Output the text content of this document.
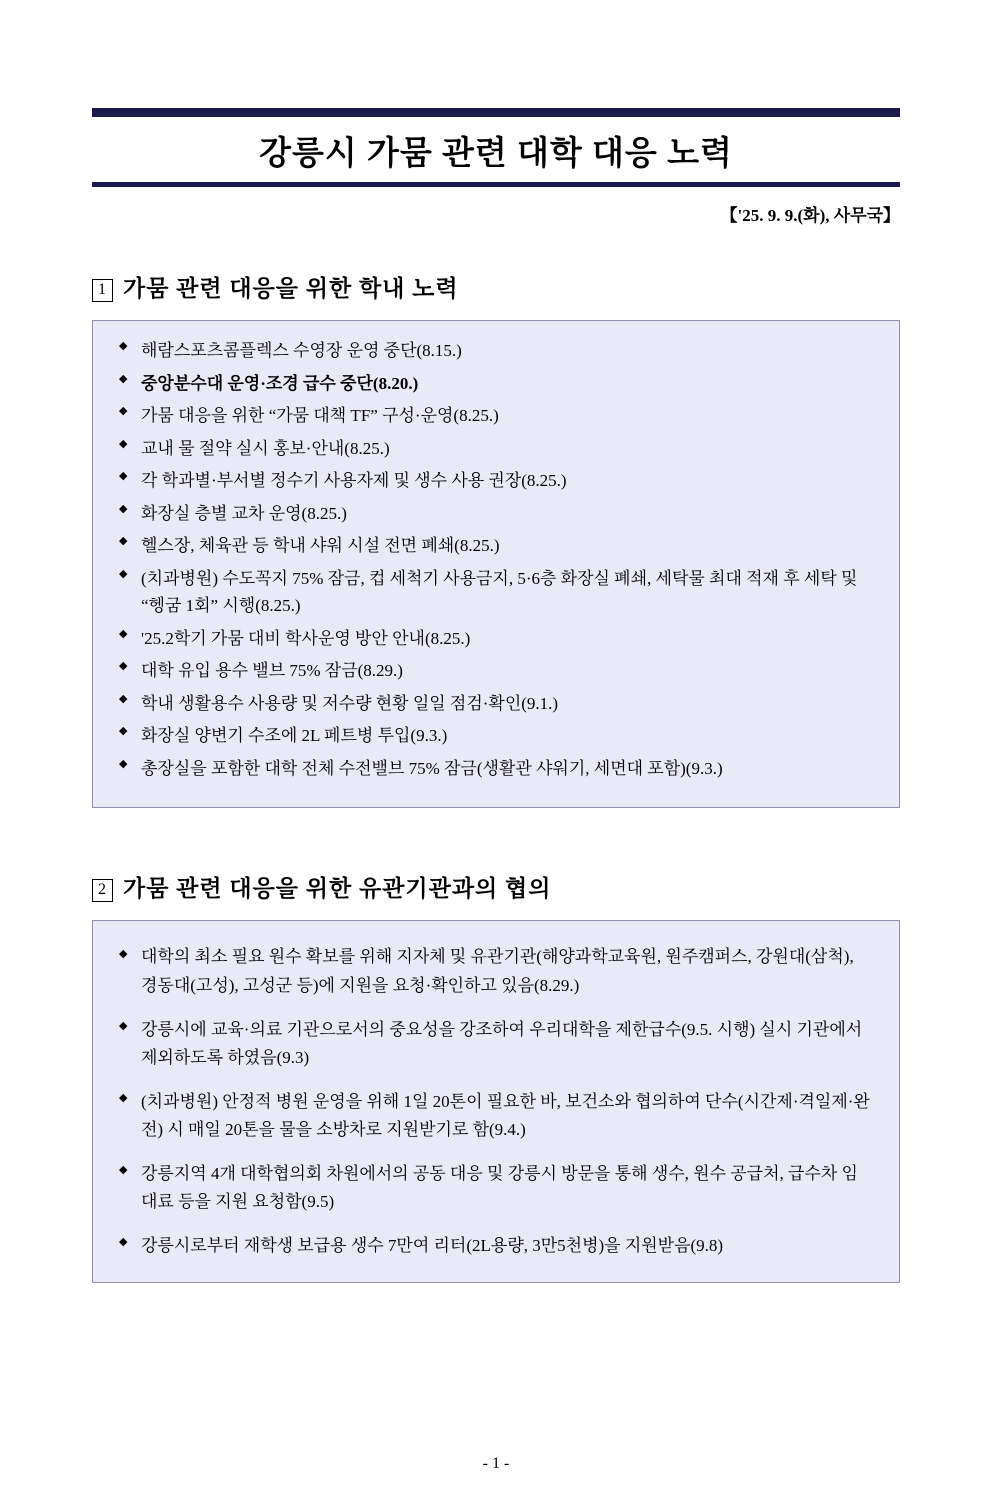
강릉시 가뭄 관련 대학 대응 노력
【'25. 9. 9.(화), 사무국】
1 가뭄 관련 대응을 위한 학내 노력
◆ 해람스포츠콤플렉스 수영장 운영 중단(8.15.)
◆ 중앙분수대 운영·조경 급수 중단(8.20.)
◆ 가뭄 대응을 위한 “가뭄 대책 TF” 구성·운영(8.25.)
◆ 교내 물 절약 실시 홍보·안내(8.25.)
◆ 각 학과별·부서별 정수기 사용자제 및 생수 사용 권장(8.25.)
◆ 화장실 층별 교차 운영(8.25.)
◆ 헬스장, 체육관 등 학내 샤워 시설 전면 폐쇄(8.25.)
◆ (치과병원) 수도꼭지 75% 잠금, 컵 세척기 사용금지, 5·6층 화장실 폐쇄, 세탁물 최대 적재 후 세탁 및 “헹굼 1회” 시행(8.25.)
◆ '25.2학기 가뭄 대비 학사운영 방안 안내(8.25.)
◆ 대학 유입 용수 밸브 75% 잠금(8.29.)
◆ 학내 생활용수 사용량 및 저수량 현황 일일 점검·확인(9.1.)
◆ 화장실 양변기 수조에 2L 페트병 투입(9.3.)
◆ 총장실을 포함한 대학 전체 수전밸브 75% 잠금(생활관 샤워기, 세면대 포함)(9.3.)
2 가뭄 관련 대응을 위한 유관기관과의 협의
◆ 대학의 최소 필요 원수 확보를 위해 지자체 및 유관기관(해양과학교육원, 원주캠퍼스, 강원대(삼척), 경동대(고성), 고성군 등)에 지원을 요청·확인하고 있음(8.29.)
◆ 강릉시에 교육·의료 기관으로서의 중요성을 강조하여 우리대학을 제한급수(9.5. 시행) 실시 기관에서 제외하도록 하였음(9.3)
◆ (치과병원) 안정적 병원 운영을 위해 1일 20톤이 필요한 바, 보건소와 협의하여 단수(시간제·격일제·완전) 시 매일 20톤을 물을 소방차로 지원받기로 함(9.4.)
◆ 강릉지역 4개 대학협의회 차원에서의 공동 대응 및 강릉시 방문을 통해 생수, 원수 공급처, 급수차 임대료 등을 지원 요청함(9.5)
◆ 강릉시로부터 재학생 보급용 생수 7만여 리터(2L용량, 3만5천병)을 지원받음(9.8)
- 1 -
